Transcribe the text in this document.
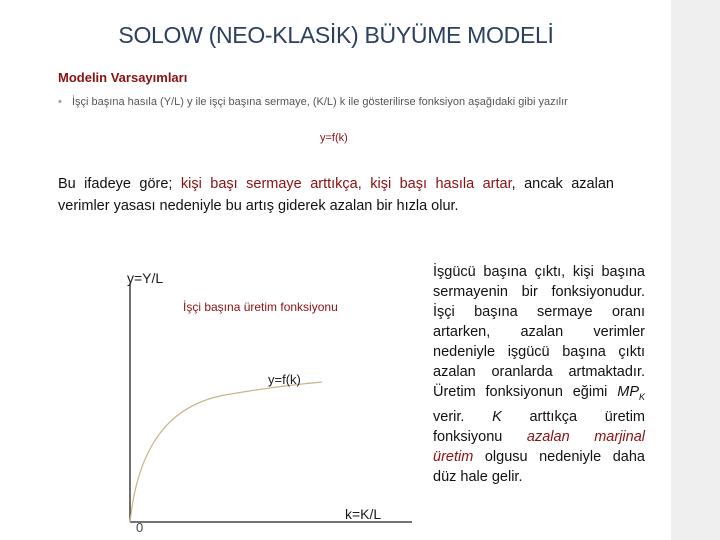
SOLOW (NEO-KLASİK) BÜYÜME MODELİ
Modelin Varsayımları
• İşçi başına hasıla (Y/L) y ile işçi başına sermaye, (K/L) k ile gösterilirse fonksiyon aşağıdaki gibi yazılır
y=f(k)
Bu ifadeye göre; kişi başı sermaye arttıkça, kişi başı hasıla artar, ancak azalan verimler yasası nedeniyle bu artış giderek azalan bir hızla olur.
y=Y/L
İşçi başına üretim fonksiyonu
y=f(k)
0
k=K/L
İşgücü başına çıktı, kişi başına sermayenin bir fonksiyonudur. İşçi başına sermaye oranı artarken, azalan verimler nedeniyle işgücü başına çıktı azalan oranlarda artmaktadır. Üretim fonksiyonun eğimi $MP_K$ verir. K arttıkça üretim fonksiyonu azalan marjinal üretim olgusu nedeniyle daha düz hale gelir.
